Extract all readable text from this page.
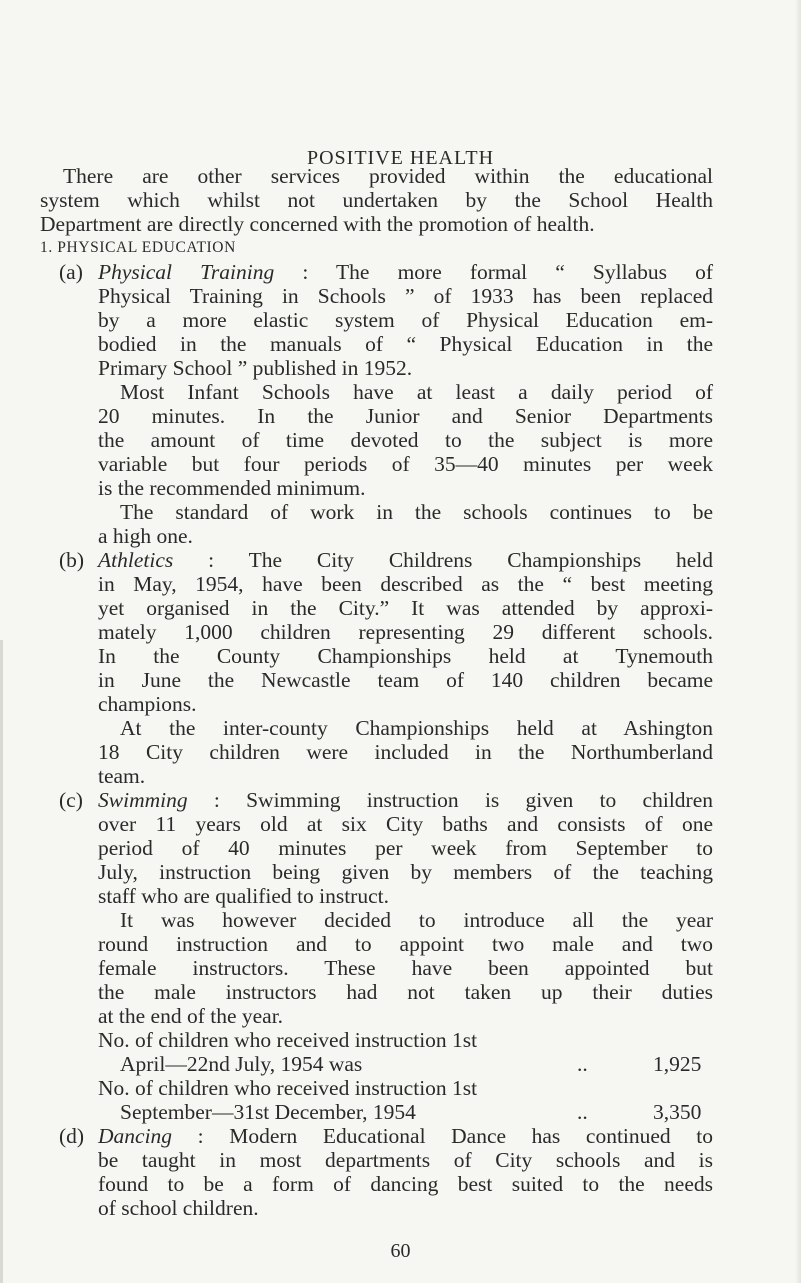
POSITIVE HEALTH
There are other services provided within the educational
system which whilst not undertaken by the School Health
Department are directly concerned with the promotion of health.
1. PHYSICAL EDUCATION
(a) Physical Training : The more formal “ Syllabus of
Physical Training in Schools ” of 1933 has been replaced
by a more elastic system of Physical Education em-
bodied in the manuals of “ Physical Education in the
Primary School ” published in 1952.
Most Infant Schools have at least a daily period of
20 minutes. In the Junior and Senior Departments
the amount of time devoted to the subject is more
variable but four periods of 35—40 minutes per week
is the recommended minimum.
The standard of work in the schools continues to be
a high one.
(b) Athletics : The City Childrens Championships held
in May, 1954, have been described as the “ best meeting
yet organised in the City.” It was attended by approxi-
mately 1,000 children representing 29 different schools.
In the County Championships held at Tynemouth
in June the Newcastle team of 140 children became
champions.
At the inter-county Championships held at Ashington
18 City children were included in the Northumberland
team.
(c) Swimming : Swimming instruction is given to children
over 11 years old at six City baths and consists of one
period of 40 minutes per week from September to
July, instruction being given by members of the teaching
staff who are qualified to instruct.
It was however decided to introduce all the year
round instruction and to appoint two male and two
female instructors. These have been appointed but
the male instructors had not taken up their duties
at the end of the year.
No. of children who received instruction 1st
April—22nd July, 1954 was	..	1,925
No. of children who received instruction 1st
September—31st December, 1954	..	3,350
(d) Dancing : Modern Educational Dance has continued to
be taught in most departments of City schools and is
found to be a form of dancing best suited to the needs
of school children.
60
